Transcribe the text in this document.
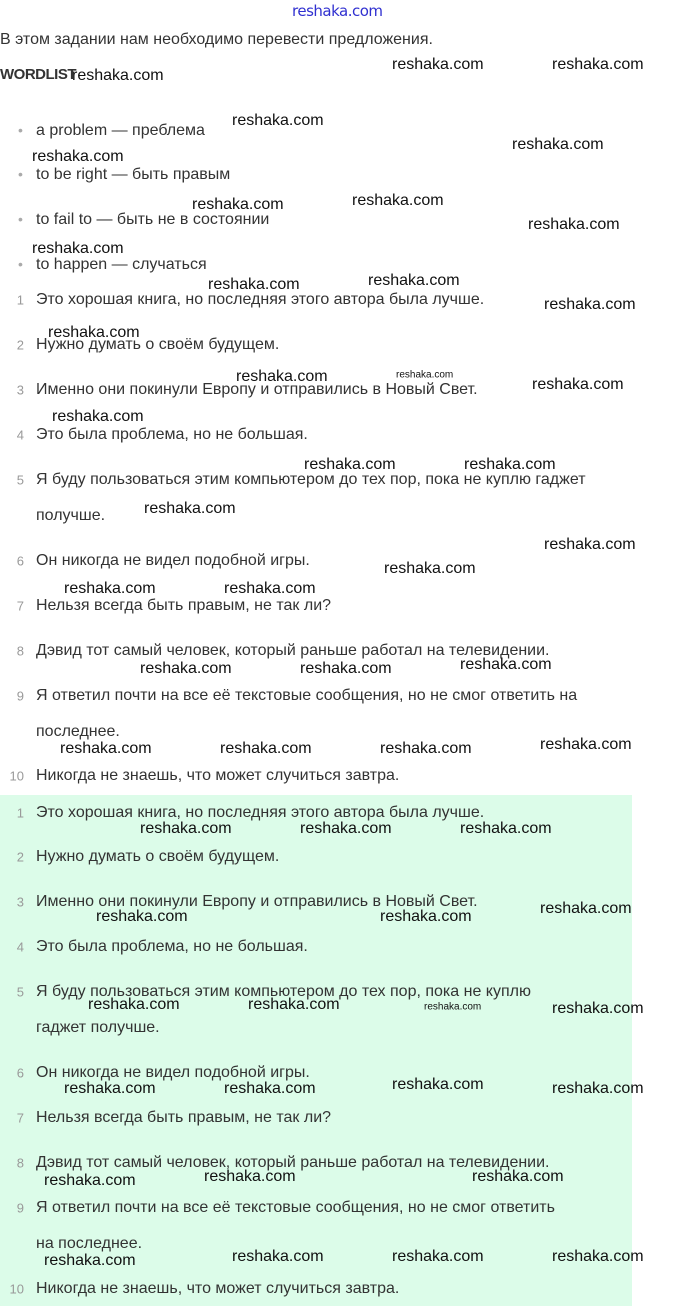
reshaka.com
В этом задании нам необходимо перевести предложения.
WORDLIST
• a problem — преблема
• to be right — быть правым
• to fail to — быть не в состоянии
• to happen — случаться
1 Это хорошая книга, но последняя этого автора была лучше.
2 Нужно думать о своём будущем.
3 Именно они покинули Европу и отправились в Новый Свет.
4 Это была проблема, но не большая.
5 Я буду пользоваться этим компьютером до тех пор, пока не куплю гаджет
получше.
6 Он никогда не видел подобной игры.
7 Нельзя всегда быть правым, не так ли?
8 Дэвид тот самый человек, который раньше работал на телевидении.
9 Я ответил почти на все её текстовые сообщения, но не смог ответить на
последнее.
10 Никогда не знаешь, что может случиться завтра.
1 Это хорошая книга, но последняя этого автора была лучше.
2 Нужно думать о своём будущем.
3 Именно они покинули Европу и отправились в Новый Свет.
4 Это была проблема, но не большая.
5 Я буду пользоваться этим компьютером до тех пор, пока не куплю
гаджет получше.
6 Он никогда не видел подобной игры.
7 Нельзя всегда быть правым, не так ли?
8 Дэвид тот самый человек, который раньше работал на телевидении.
9 Я ответил почти на все её текстовые сообщения, но не смог ответить
на последнее.
10 Никогда не знаешь, что может случиться завтра.
reshaka.com	reshaka.com
reshaka.com
reshaka.com
reshaka.com
reshaka.com
reshaka.com	reshaka.com
reshaka.com
reshaka.com
reshaka.com	reshaka.com
reshaka.com
reshaka.com
reshaka.com	reshaka.com
reshaka.com
reshaka.com
reshaka.com	reshaka.com
reshaka.com
reshaka.com
reshaka.com
reshaka.com	reshaka.com
reshaka.com	reshaka.com	reshaka.com
reshaka.com	reshaka.com	reshaka.com	reshaka.com
reshaka.com	reshaka.com	reshaka.com
reshaka.com	reshaka.com	reshaka.com
reshaka.com	reshaka.com	reshaka.com	reshaka.com
reshaka.com	reshaka.com	reshaka.com	reshaka.com
reshaka.com	reshaka.com	reshaka.com
reshaka.com	reshaka.com	reshaka.com	reshaka.com
